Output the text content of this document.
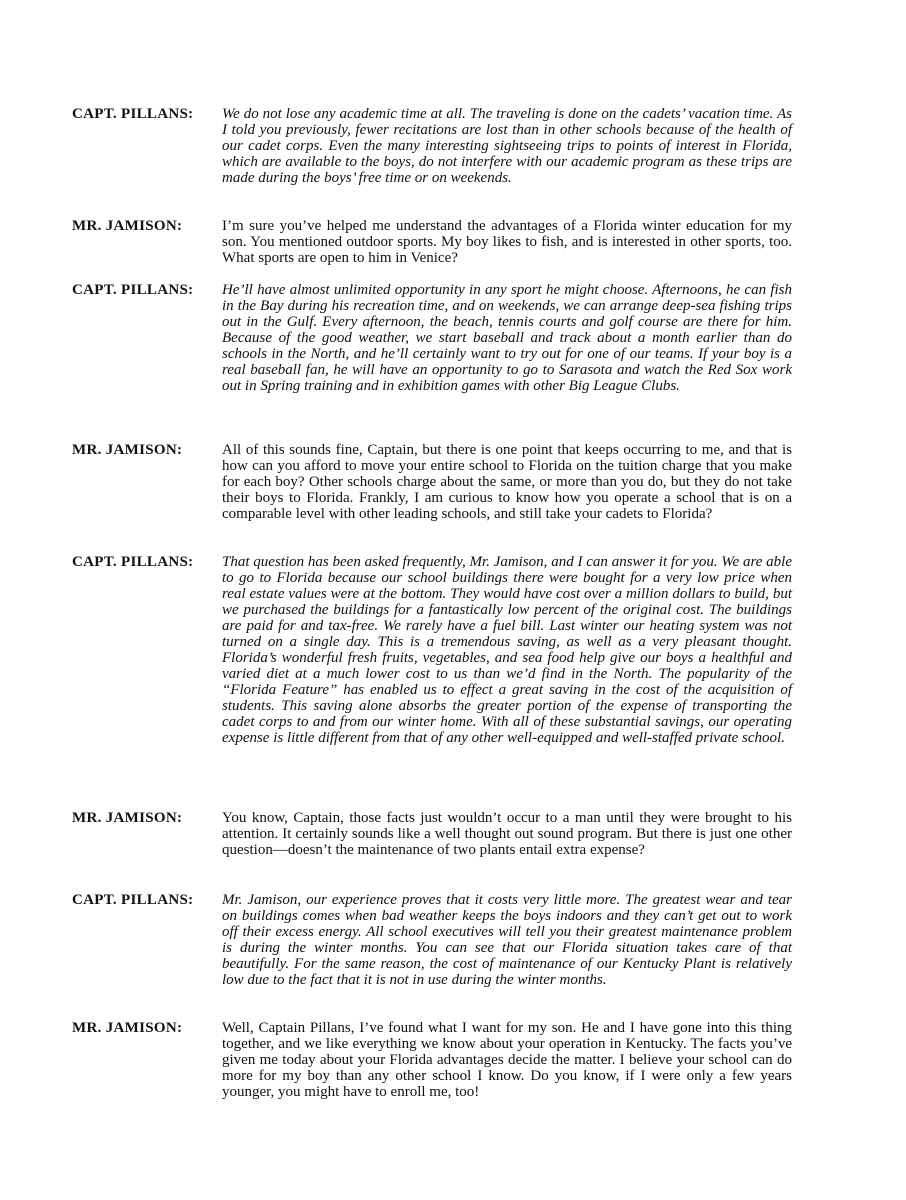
CAPT. PILLANS:	We do not lose any academic time at all. The traveling is done on the cadets’ vacation time. As I told you previously, fewer recitations are lost than in other schools because of the health of our cadet corps. Even the many interesting sightseeing trips to points of interest in Florida, which are available to the boys, do not interfere with our academic program as these trips are made during the boys’ free time or on weekends.
MR. JAMISON:	I’m sure you’ve helped me understand the advantages of a Florida winter education for my son. You mentioned outdoor sports. My boy likes to fish, and is interested in other sports, too. What sports are open to him in Venice?
CAPT. PILLANS:	He’ll have almost unlimited opportunity in any sport he might choose. Afternoons, he can fish in the Bay during his recreation time, and on weekends, we can arrange deep-sea fishing trips out in the Gulf. Every afternoon, the beach, tennis courts and golf course are there for him. Because of the good weather, we start baseball and track about a month earlier than do schools in the North, and he’ll certainly want to try out for one of our teams. If your boy is a real baseball fan, he will have an opportunity to go to Sarasota and watch the Red Sox work out in Spring training and in exhibition games with other Big League Clubs.
MR. JAMISON:	All of this sounds fine, Captain, but there is one point that keeps occurring to me, and that is how can you afford to move your entire school to Florida on the tuition charge that you make for each boy? Other schools charge about the same, or more than you do, but they do not take their boys to Florida. Frankly, I am curious to know how you operate a school that is on a comparable level with other leading schools, and still take your cadets to Florida?
CAPT. PILLANS:	That question has been asked frequently, Mr. Jamison, and I can answer it for you. We are able to go to Florida because our school buildings there were bought for a very low price when real estate values were at the bottom. They would have cost over a million dollars to build, but we purchased the buildings for a fantastically low percent of the original cost. The buildings are paid for and tax-free. We rarely have a fuel bill. Last winter our heating system was not turned on a single day. This is a tremendous saving, as well as a very pleasant thought. Florida’s wonderful fresh fruits, vegetables, and sea food help give our boys a healthful and varied diet at a much lower cost to us than we’d find in the North. The popularity of the “Florida Feature” has enabled us to effect a great saving in the cost of the acquisition of students. This saving alone absorbs the greater portion of the expense of transporting the cadet corps to and from our winter home. With all of these substantial savings, our operating expense is little different from that of any other well-equipped and well-staffed private school.
MR. JAMISON:	You know, Captain, those facts just wouldn’t occur to a man until they were brought to his attention. It certainly sounds like a well thought out sound program. But there is just one other question—doesn’t the maintenance of two plants entail extra expense?
CAPT. PILLANS:	Mr. Jamison, our experience proves that it costs very little more. The greatest wear and tear on buildings comes when bad weather keeps the boys indoors and they can’t get out to work off their excess energy. All school executives will tell you their greatest maintenance problem is during the winter months. You can see that our Florida situation takes care of that beautifully. For the same reason, the cost of maintenance of our Kentucky Plant is relatively low due to the fact that it is not in use during the winter months.
MR. JAMISON:	Well, Captain Pillans, I’ve found what I want for my son. He and I have gone into this thing together, and we like everything we know about your operation in Kentucky. The facts you’ve given me today about your Florida advantages decide the matter. I believe your school can do more for my boy than any other school I know. Do you know, if I were only a few years younger, you might have to enroll me, too!
